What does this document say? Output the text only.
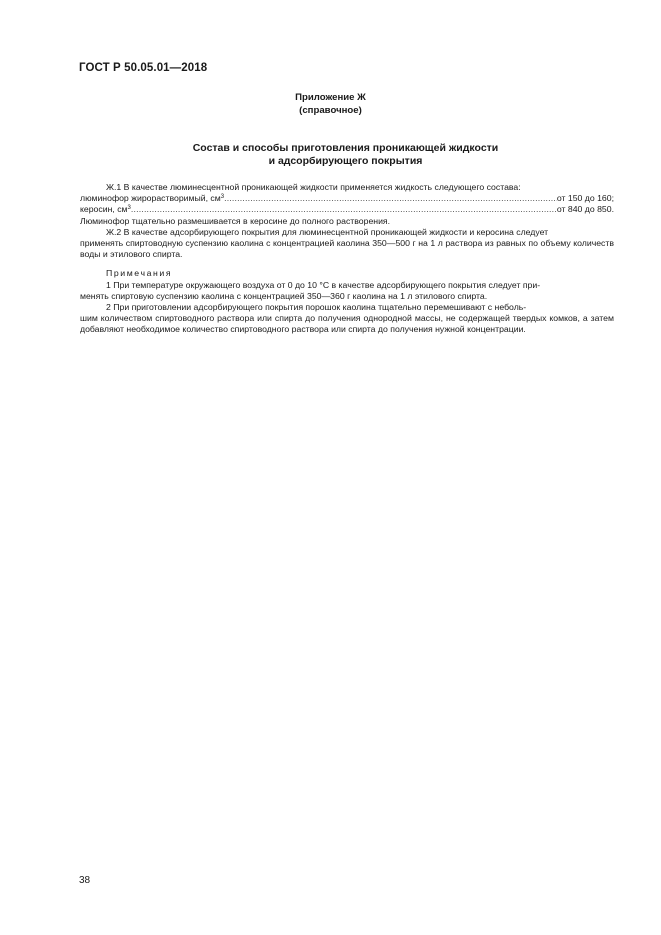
ГОСТ Р 50.05.01—2018
Приложение Ж
(справочное)
Состав и способы приготовления проникающей жидкости
и адсорбирующего покрытия
Ж.1 В качестве люминесцентной проникающей жидкости применяется жидкость следующего состава:
люминофор жирорастворимый, $см^3$ .....	от 150 до 160;
керосин, $см^3$ .....	от 840 до 850.
Люминофор тщательно размешивается в керосине до полного растворения.
Ж.2 В качестве адсорбирующего покрытия для люминесцентной проникающей жидкости и керосина следует
применять спиртоводную суспензию каолина с концентрацией каолина 350—500 г на 1 л раствора из равных по объему количеств воды и этилового спирта.
Примечания
1 При температуре окружающего воздуха от 0 до 10 °С в качестве адсорбирующего покрытия следует при-
менять спиртовую суспензию каолина с концентрацией 350—360 г каолина на 1 л этилового спирта.
2 При приготовлении адсорбирующего покрытия порошок каолина тщательно перемешивают с неболь-
шим количеством спиртоводного раствора или спирта до получения однородной массы, не содержащей твердых комков, а затем добавляют необходимое количество спиртоводного раствора или спирта до получения нужной концентрации.
38
